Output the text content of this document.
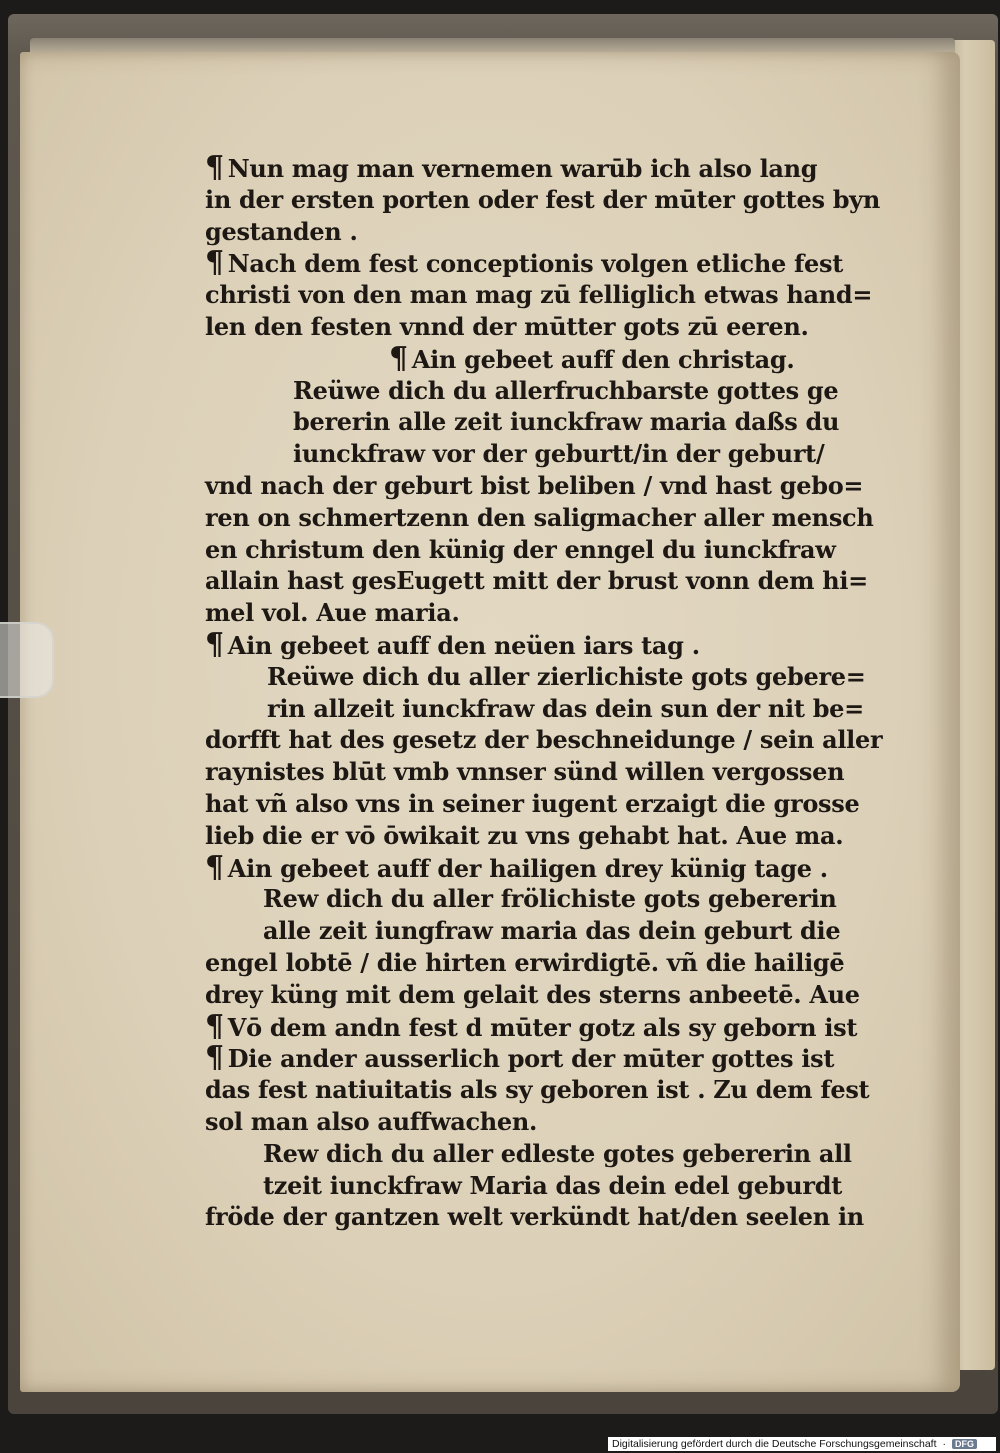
¶ Nun mag man vernemen warūb ich also lang
in der ersten porten oder fest der mūter gottes byn
gestanden .
¶ Nach dem fest conceptionis volgen etliche fest
christi von den man mag zū felliglich etwas hand=
len den festen vnnd der mūtter gots zū eeren.
¶ Ain gebeet auff den christag.
Reüwe dich du allerfruchbarste gottes ge
bererin alle zeit iunckfraw maria daßs du
iunckfraw vor der geburtt/in der geburt/
vnd nach der geburt bist beliben / vnd hast gebo=
ren on schmertzenn den saligmacher aller mensch
en christum den künig der enngel du iunckfraw
allain hast gesEugett mitt der brust vonn dem hi=
mel vol. Aue maria.
¶ Ain gebeet auff den neüen iars tag .
Reüwe dich du aller zierlichiste gots gebere=
rin allzeit iunckfraw das dein sun der nit be=
dorfft hat des gesetz der beschneidunge / sein aller
raynistes blūt vmb vnnser sünd willen vergossen
hat vñ also vns in seiner iugent erzaigt die grosse
lieb die er vō ōwikait zu vns gehabt hat. Aue ma.
¶ Ain gebeet auff der hailigen drey künig tage .
Rew dich du aller frölichiste gots gebererin
alle zeit iungfraw maria das dein geburt die
engel lobtē / die hirten erwirdigtē. vñ die hailigē
drey küng mit dem gelait des sterns anbeetē. Aue
¶ Vō dem andn fest d mūter gotz als sy geborn ist
¶ Die ander ausserlich port der mūter gottes ist
das fest natiuitatis als sy geboren ist . Zu dem fest
sol man also auffwachen.
Rew dich du aller edleste gotes gebererin all
tzeit iunckfraw Maria das dein edel geburdt
fröde der gantzen welt verkündt hat/den seelen in
Digitalisierung gefördert durch die Deutsche Forschungsgemeinschaft ·	DFG
